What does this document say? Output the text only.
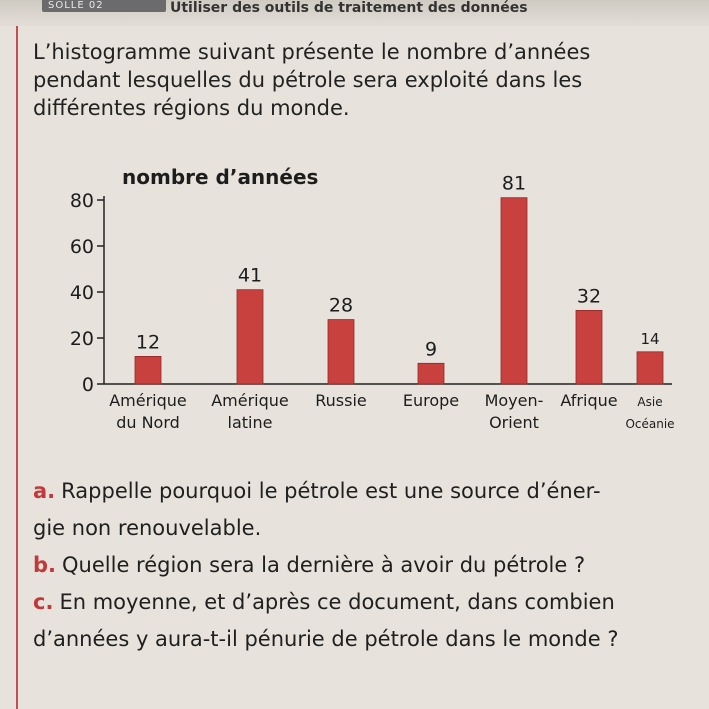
SOLLE 02	Utiliser des outils de traitement des données
L’histogramme suivant présente le nombre d’années
pendant lesquelles du pétrole sera exploité dans les
différentes régions du monde.
nombre d’années
0
20
40
60
80
12
Amérique
du Nord
41
Amérique
latine
28
Russie
9
Europe
81
Moyen-
Orient
32
Afrique
14
Asie
Océanie
a. Rappelle pourquoi le pétrole est une source d’éner-
gie non renouvelable.
b. Quelle région sera la dernière à avoir du pétrole ?
c. En moyenne, et d’après ce document, dans combien
d’années y aura-t-il pénurie de pétrole dans le monde ?
